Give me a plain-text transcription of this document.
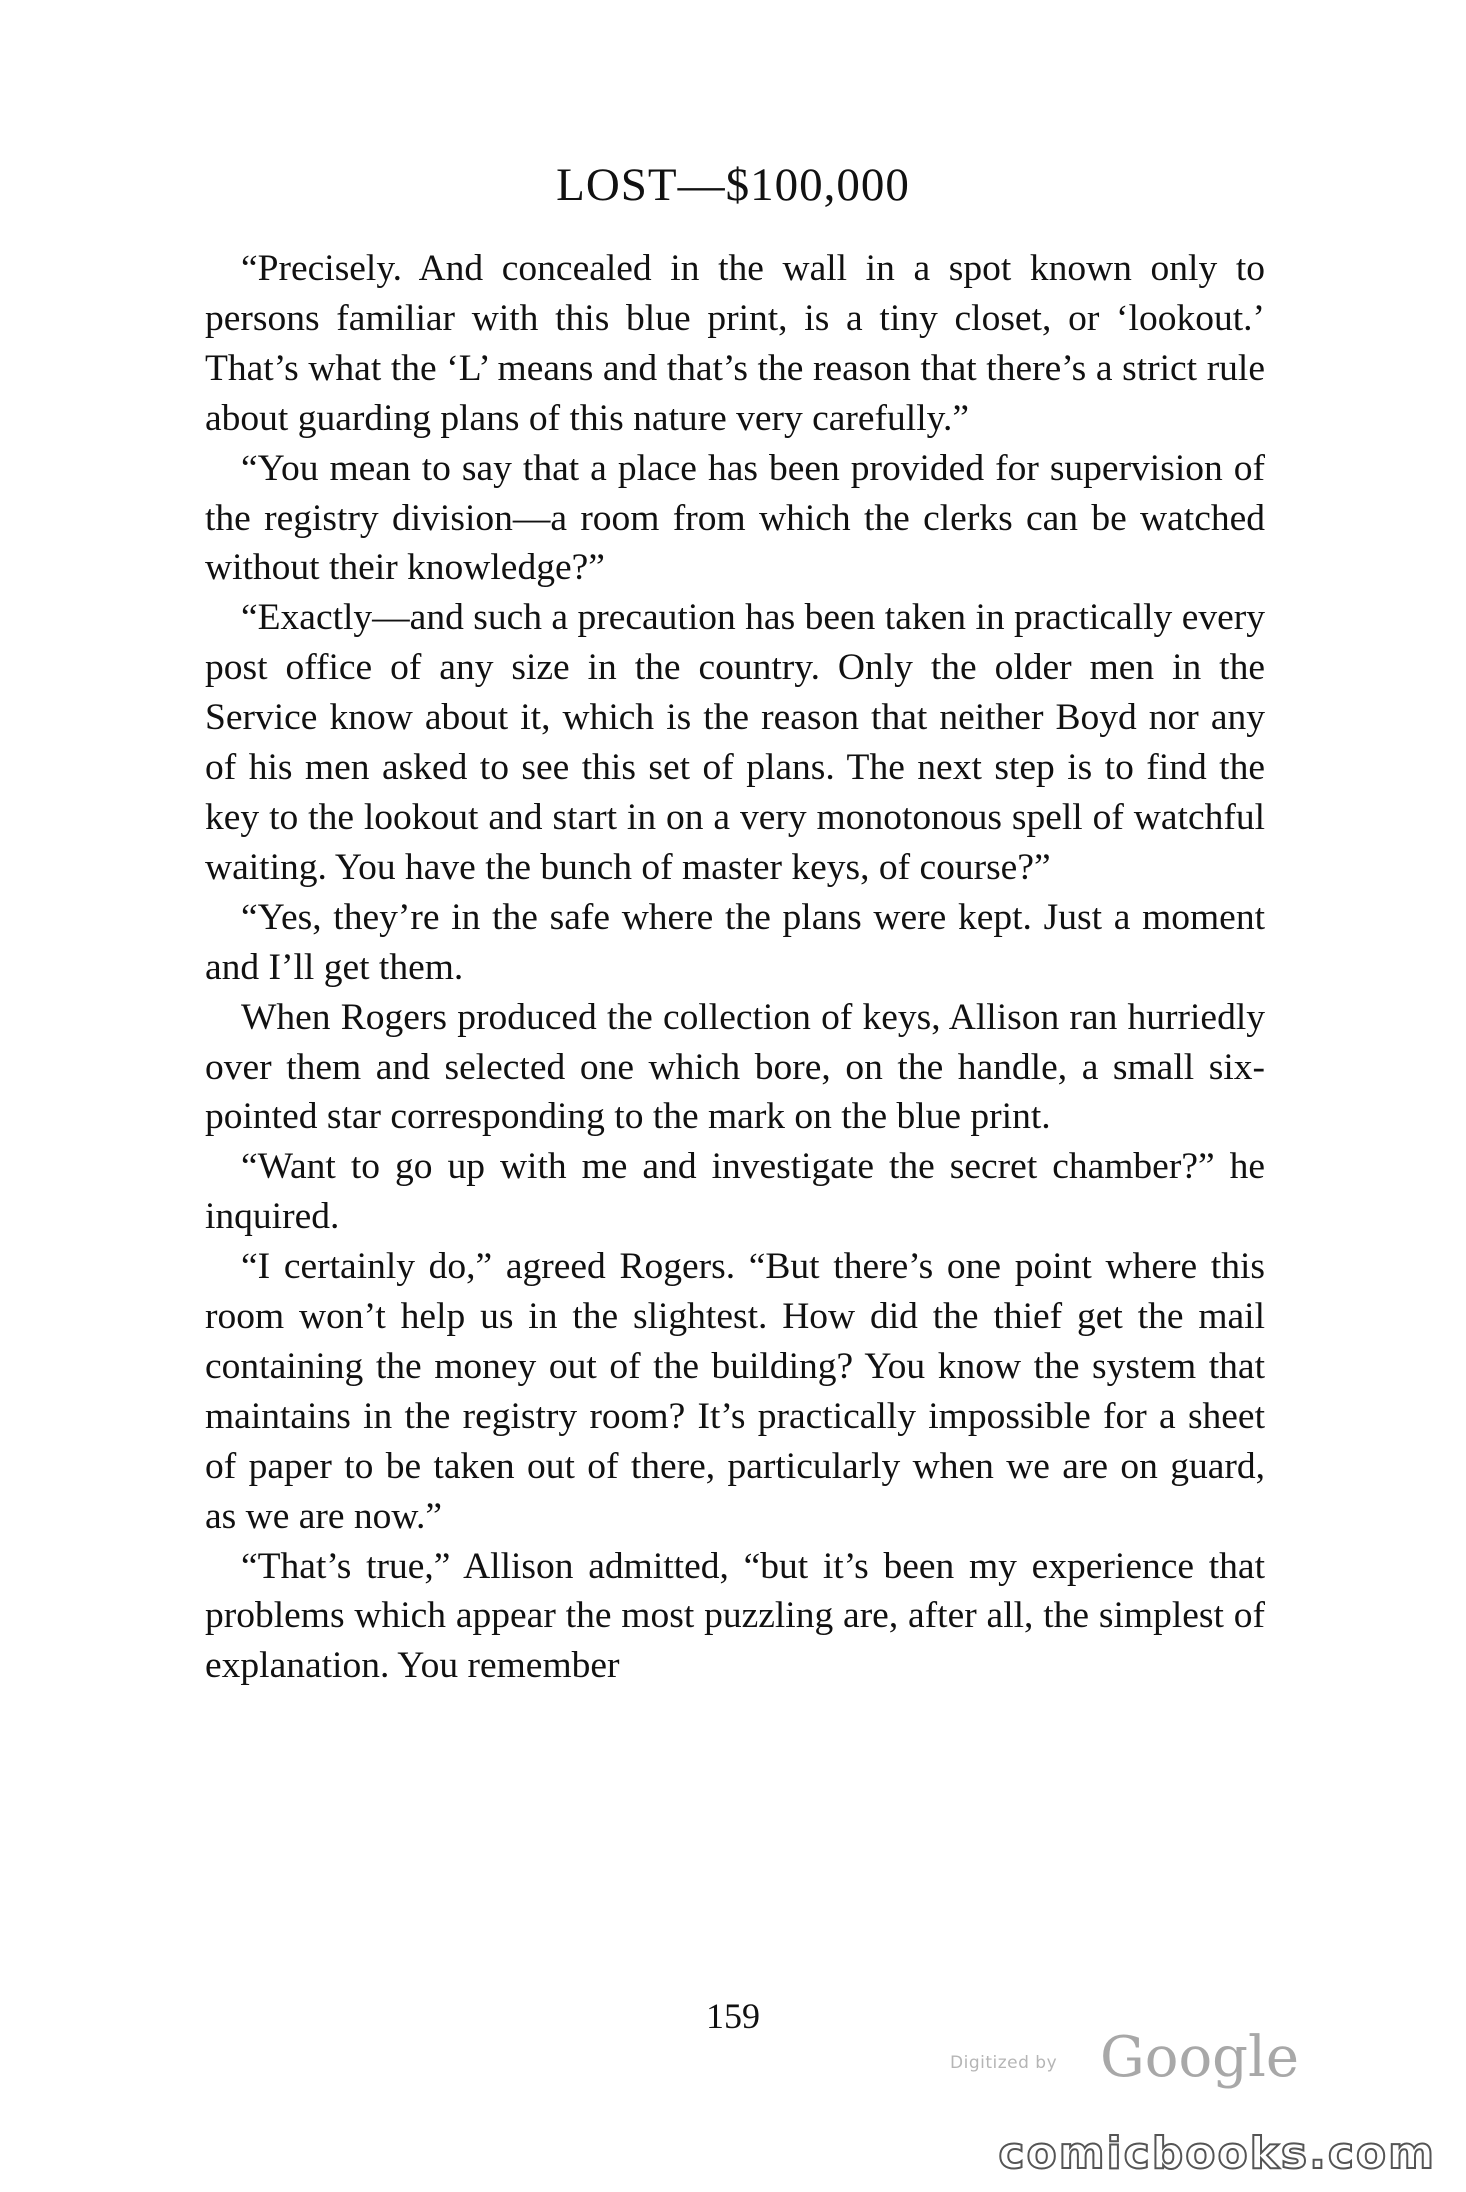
LOST—$100,000

“Precisely. And concealed in the wall in a spot known only to persons familiar with this blue print, is a tiny closet, or ‘lookout.’ That’s what the ‘L’ means and that’s the reason that there’s a strict rule about guarding plans of this nature very carefully.”

“You mean to say that a place has been provided for supervision of the registry division—a room from which the clerks can be watched without their knowledge?”

“Exactly—and such a precaution has been taken in practically every post office of any size in the country. Only the older men in the Service know about it, which is the reason that neither Boyd nor any of his men asked to see this set of plans. The next step is to find the key to the lookout and start in on a very monotonous spell of watchful waiting. You have the bunch of master keys, of course?”

“Yes, they’re in the safe where the plans were kept. Just a moment and I’ll get them.

When Rogers produced the collection of keys, Allison ran hurriedly over them and selected one which bore, on the handle, a small six-pointed star corresponding to the mark on the blue print.

“Want to go up with me and investigate the secret chamber?” he inquired.

“I certainly do,” agreed Rogers. “But there’s one point where this room won’t help us in the slightest. How did the thief get the mail containing the money out of the building? You know the system that maintains in the registry room? It’s practically impossible for a sheet of paper to be taken out of there, particularly when we are on guard, as we are now.”

“That’s true,” Allison admitted, “but it’s been my experience that problems which appear the most puzzling are, after all, the simplest of explanation. You remember

159
Digitized by Google
comicbooks.com
